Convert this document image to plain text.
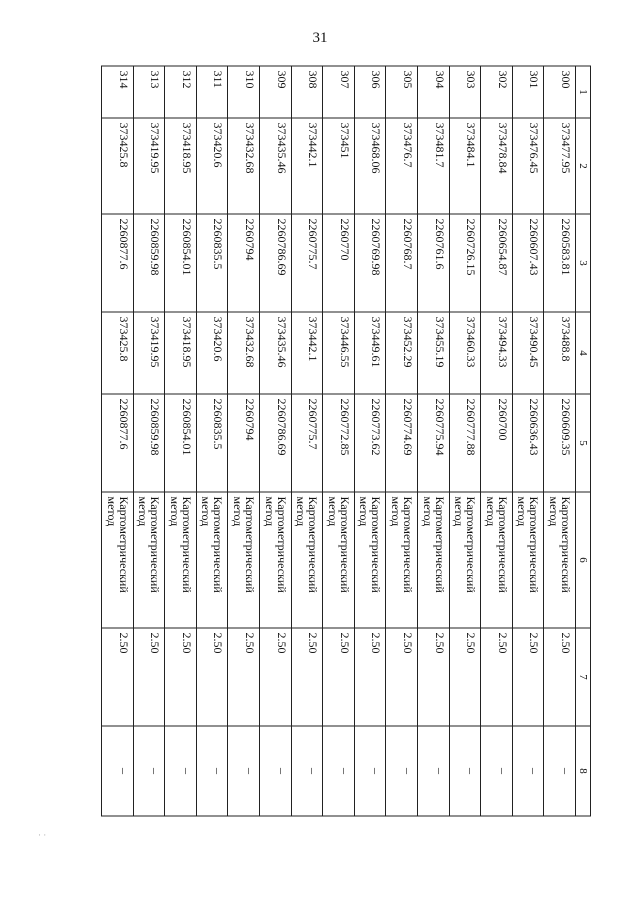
31
1	2	3	4	5	6	7	8
300	373477.95	2260583.81	373488.8	2260609.35	Картометрический метод	2.50	–
301	373476.45	2260607.43	373490.45	2260636.43	Картометрический метод	2.50	–
302	373478.84	2260654.87	373494.33	2260700	Картометрический метод	2.50	–
303	373484.1	2260726.15	373460.33	2260777.88	Картометрический метод	2.50	–
304	373481.7	2260761.6	373455.19	2260775.94	Картометрический метод	2.50	–
305	373476.7	2260768.7	373452.29	2260774.69	Картометрический метод	2.50	–
306	373468.06	2260769.98	373449.61	2260773.62	Картометрический метод	2.50	–
307	373451	2260770	373446.55	2260772.85	Картометрический метод	2.50	–
308	373442.1	2260775.7	373442.1	2260775.7	Картометрический метод	2.50	–
309	373435.46	2260786.69	373435.46	2260786.69	Картометрический метод	2.50	–
310	373432.68	2260794	373432.68	2260794	Картометрический метод	2.50	–
311	373420.6	2260835.5	373420.6	2260835.5	Картометрический метод	2.50	–
312	373418.95	2260854.01	373418.95	2260854.01	Картометрический метод	2.50	–
313	373419.95	2260859.98	373419.95	2260859.98	Картометрический метод	2.50	–
314	373425.8	2260877.6	373425.8	2260877.6	Картометрический метод	2.50	–
· ·
